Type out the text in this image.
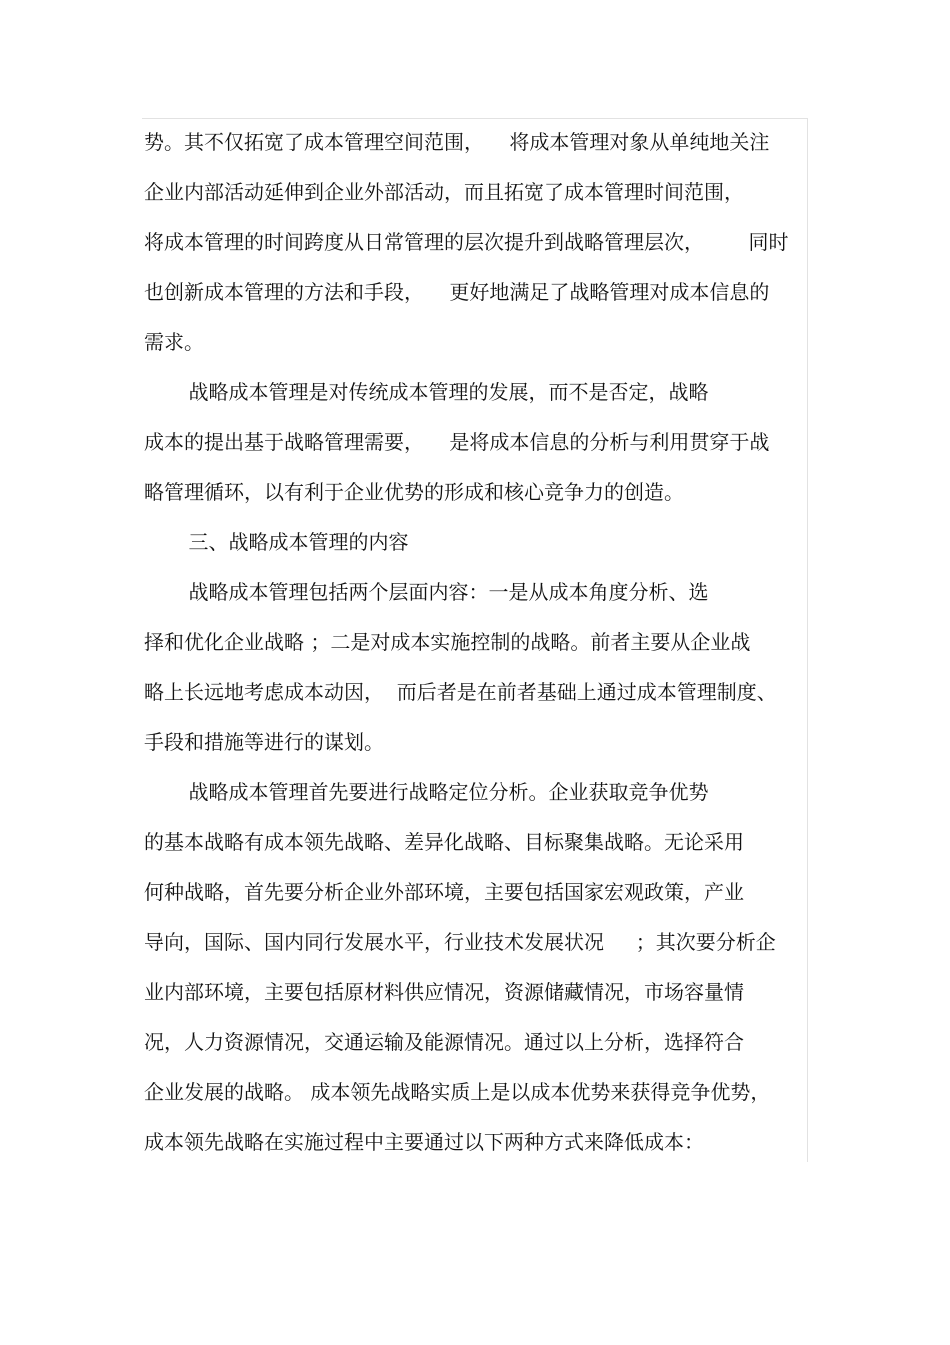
势。其不仅拓宽了成本管理空间范围，    将成本管理对象从单纯地关注
企业内部活动延伸到企业外部活动，而且拓宽了成本管理时间范围，
将成本管理的时间跨度从日常管理的层次提升到战略管理层次，       同时
也创新成本管理的方法和手段，    更好地满足了战略管理对成本信息的
需求。
战略成本管理是对传统成本管理的发展，而不是否定，战略
成本的提出基于战略管理需要，    是将成本信息的分析与利用贯穿于战
略管理循环，以有利于企业优势的形成和核心竞争力的创造。
三、战略成本管理的内容
战略成本管理包括两个层面内容：一是从成本角度分析、选
择和优化企业战略 ；二是对成本实施控制的战略。前者主要从企业战
略上长远地考虑成本动因，  而后者是在前者基础上通过成本管理制度、
手段和措施等进行的谋划。
战略成本管理首先要进行战略定位分析。企业获取竞争优势
的基本战略有成本领先战略、差异化战略、目标聚集战略。无论采用
何种战略，首先要分析企业外部环境，主要包括国家宏观政策，产业
导向，国际、国内同行发展水平，行业技术发展状况     ；其次要分析企
业内部环境，主要包括原材料供应情况，资源储藏情况，市场容量情
况，人力资源情况，交通运输及能源情况。通过以上分析，选择符合
企业发展的战略。 成本领先战略实质上是以成本优势来获得竞争优势，
成本领先战略在实施过程中主要通过以下两种方式来降低成本：
